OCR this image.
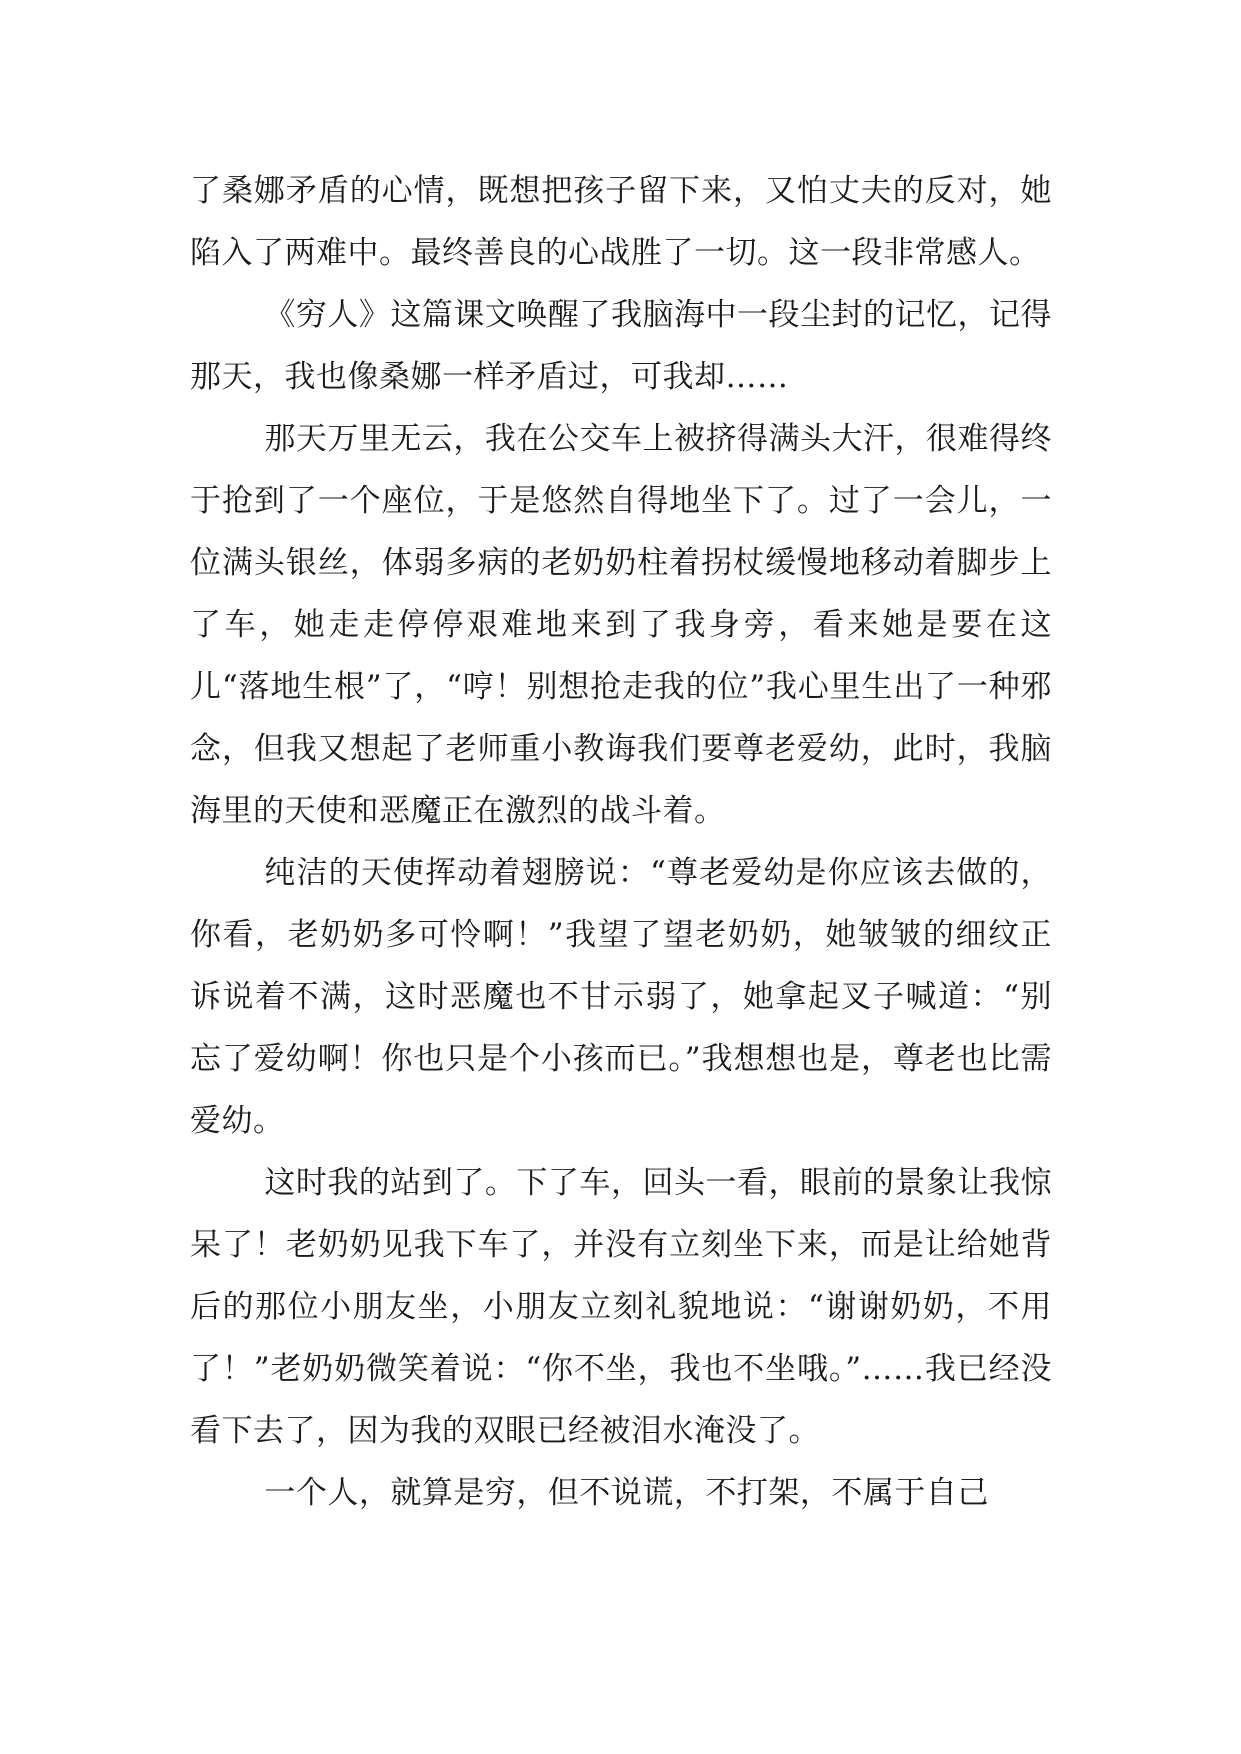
了桑娜矛盾的心情，既想把孩子留下来，又怕丈夫的反对，她陷入了两难中。最终善良的心战胜了一切。这一段非常感人。

《穷人》这篇课文唤醒了我脑海中一段尘封的记忆，记得那天，我也像桑娜一样矛盾过，可我却……

那天万里无云，我在公交车上被挤得满头大汗，很难得终于抢到了一个座位，于是悠然自得地坐下了。过了一会儿，一位满头银丝，体弱多病的老奶奶柱着拐杖缓慢地移动着脚步上了车，她走走停停艰难地来到了我身旁，看来她是要在这儿“落地生根”了，“哼！别想抢走我的位”我心里生出了一种邪念，但我又想起了老师重小教诲我们要尊老爱幼，此时，我脑海里的天使和恶魔正在激烈的战斗着。

纯洁的天使挥动着翅膀说：“尊老爱幼是你应该去做的，你看，老奶奶多可怜啊！”我望了望老奶奶，她皱皱的细纹正诉说着不满，这时恶魔也不甘示弱了，她拿起叉子喊道：“别忘了爱幼啊！你也只是个小孩而已。”我想想也是，尊老也比需爱幼。

这时我的站到了。下了车，回头一看，眼前的景象让我惊呆了！老奶奶见我下车了，并没有立刻坐下来，而是让给她背后的那位小朋友坐，小朋友立刻礼貌地说：“谢谢奶奶，不用了！”老奶奶微笑着说：“你不坐，我也不坐哦。”……我已经没看下去了，因为我的双眼已经被泪水淹没了。

一个人，就算是穷，但不说谎，不打架，不属于自己
